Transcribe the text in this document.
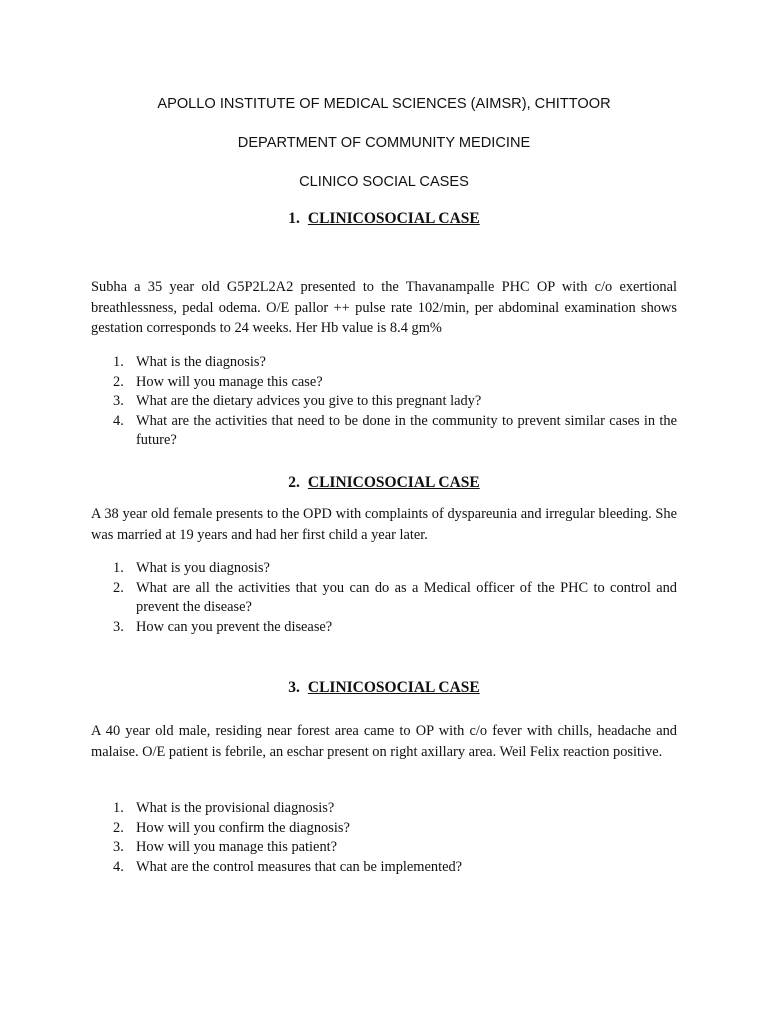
APOLLO INSTITUTE OF MEDICAL SCIENCES (AIMSR), CHITTOOR
DEPARTMENT OF COMMUNITY MEDICINE
CLINICO SOCIAL CASES
1. CLINICOSOCIAL CASE

Subha a 35 year old G5P2L2A2 presented to the Thavanampalle PHC OP with c/o exertional breathlessness, pedal odema. O/E pallor ++ pulse rate 102/min, per abdominal examination shows gestation corresponds to 24 weeks. Her Hb value is 8.4 gm%

1. What is the diagnosis?
2. How will you manage this case?
3. What are the dietary advices you give to this pregnant lady?
4. What are the activities that need to be done in the community to prevent similar cases in the future?
2. CLINICOSOCIAL CASE

A 38 year old female presents to the OPD with complaints of dyspareunia and irregular bleeding. She was married at 19 years and had her first child a year later.

1. What is you diagnosis?
2. What are all the activities that you can do as a Medical officer of the PHC to control and prevent the disease?
3. How can you prevent the disease?
3. CLINICOSOCIAL CASE

A 40 year old male, residing near forest area came to OP with c/o fever with chills, headache and malaise. O/E patient is febrile, an eschar present on right axillary area. Weil Felix reaction positive.

1. What is the provisional diagnosis?
2. How will you confirm the diagnosis?
3. How will you manage this patient?
4. What are the control measures that can be implemented?
